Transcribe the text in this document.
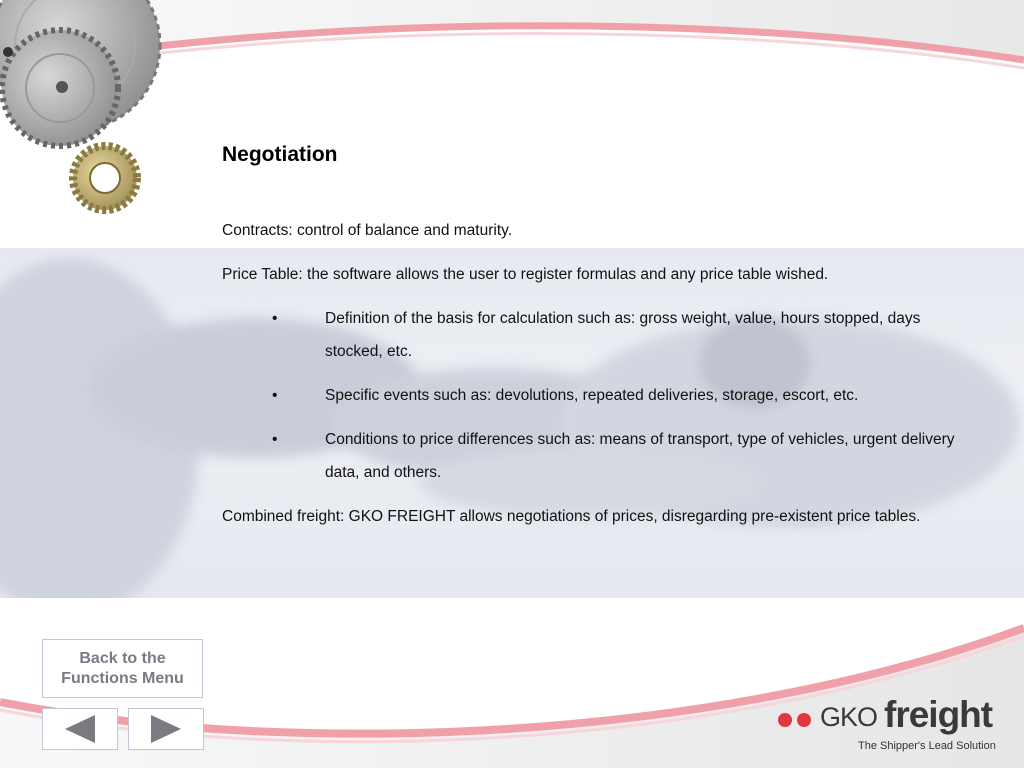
Negotiation

Contracts: control of balance and maturity.

Price Table: the software allows the user to register formulas and any price table wished.

•	Definition of the basis for calculation such as: gross weight, value, hours stopped, days stocked, etc.
•	Specific events such as: devolutions, repeated deliveries, storage, escort, etc.
•	Conditions to price differences such as: means of transport, type of vehicles, urgent delivery data, and others.

Combined freight: GKO FREIGHT allows negotiations of prices, disregarding pre-existent price tables.

Back to the
Functions Menu
GKO freight
The Shipper's Lead Solution
